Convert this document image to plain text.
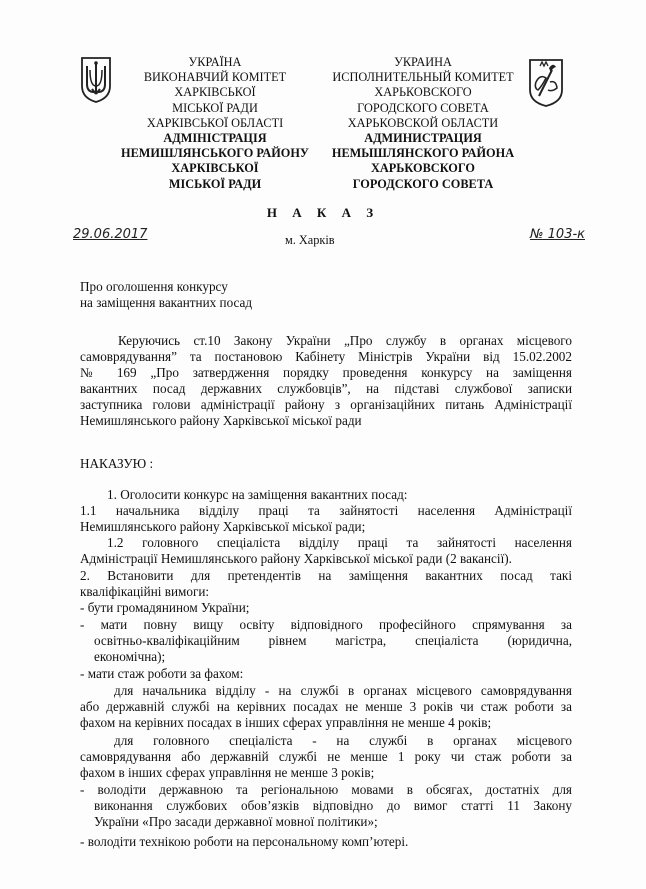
УКРАЇНА
ВИКОНАВЧИЙ КОМІТЕТ
ХАРКІВСЬКОЇ
МІСЬКОЇ РАДИ
ХАРКІВСЬКОЇ ОБЛАСТІ
АДМІНІСТРАЦІЯ
НЕМИШЛЯНСЬКОГО РАЙОНУ
ХАРКІВСЬКОЇ
МІСЬКОЇ РАДИ
УКРАИНА
ИСПОЛНИТЕЛЬНЫЙ КОМИТЕТ
ХАРЬКОВСКОГО
ГОРОДСКОГО СОВЕТА
ХАРЬКОВСКОЙ ОБЛАСТИ
АДМИНИСТРАЦИЯ
НЕМЫШЛЯНСКОГО РАЙОНА
ХАРЬКОВСКОГО
ГОРОДСКОГО СОВЕТА
Н А К А З
29.06.2017	м. Харків	№ 103-к
Про оголошення конкурсу
на заміщення вакантних посад
Керуючись ст.10 Закону України „Про службу в органах місцевого
самоврядування” та постановою Кабінету Міністрів України від 15.02.2002
№ 169 „Про затвердження порядку проведення конкурсу на заміщення
вакантних посад державних службовців”, на підставі службової записки
заступника голови адміністрації району з організаційних питань Адміністрації
Немишлянського району Харківської міської ради
НАКАЗУЮ :
1. Оголосити конкурс на заміщення вакантних посад:
1.1 начальника відділу праці та зайнятості населення Адміністрації
Немишлянського району Харківської міської ради;
1.2 головного спеціаліста відділу праці та зайнятості населення
Адміністрації Немишлянського району Харківської міської ради (2 вакансії).
2. Встановити для претендентів на заміщення вакантних посад такі
кваліфікаційні вимоги:
- бути громадянином України;
- мати повну вищу освіту відповідного професійного спрямування за
освітньо-кваліфікаційним рівнем магістра, спеціаліста (юридична,
економічна);
- мати стаж роботи за фахом:
для начальника відділу - на службі в органах місцевого самоврядування
або державній службі на керівних посадах не менше 3 років чи стаж роботи за
фахом на керівних посадах в інших сферах управління не менше 4 років;
для головного спеціаліста - на службі в органах місцевого
самоврядування або державній службі не менше 1 року чи стаж роботи за
фахом в інших сферах управління не менше 3 років;
- володіти державною та регіональною мовами в обсягах, достатніх для
виконання службових обов’язків відповідно до вимог статті 11 Закону
України «Про засади державної мовної політики»;
- володіти технікою роботи на персональному комп’ютері.
